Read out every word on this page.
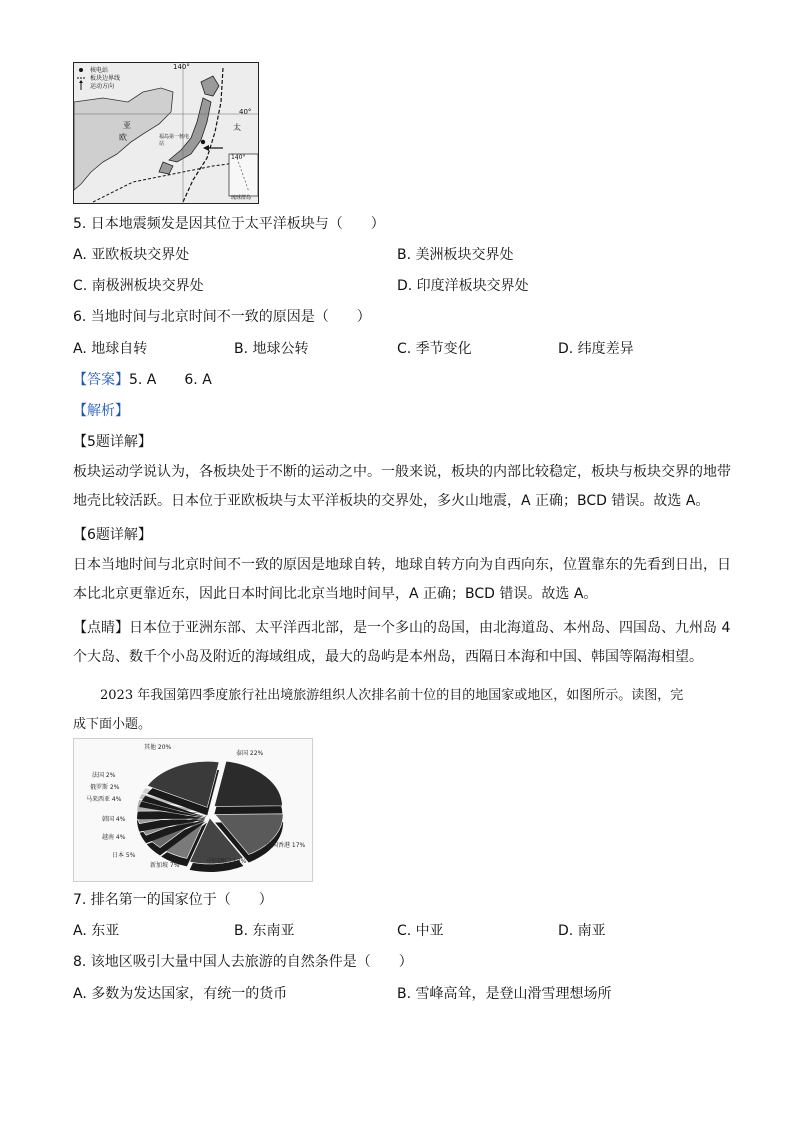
核电站
板块边界线
运动方向
140°
40°
140°
福岛第一核电站
琉球群岛
亚
欧
太
5. 日本地震频发是因其位于太平洋板块与（　　）
A. 亚欧板块交界处	B. 美洲板块交界处
C. 南极洲板块交界处	D. 印度洋板块交界处
6. 当地时间与北京时间不一致的原因是（　　）
A. 地球自转	B. 地球公转	C. 季节变化	D. 纬度差异
【答案】5. A　　6. A
【解析】
【5题详解】
板块运动学说认为，各板块处于不断的运动之中。一般来说，板块的内部比较稳定，板块与板块交界的地带地壳比较活跃。日本位于亚欧板块与太平洋板块的交界处，多火山地震，A 正确；BCD 错误。故选 A。
【6题详解】
日本当地时间与北京时间不一致的原因是地球自转，地球自转方向为自西向东，位置靠东的先看到日出，日本比北京更靠近东，因此日本时间比北京当地时间早，A 正确；BCD 错误。故选 A。
【点睛】日本位于亚洲东部、太平洋西北部，是一个多山的岛国，由北海道岛、本州岛、四国岛、九州岛 4 个大岛、数千个小岛及附近的海域组成，最大的岛屿是本州岛，西隔日本海和中国、韩国等隔海相望。
2023 年我国第四季度旅行社出境旅游组织人次排名前十位的目的地国家或地区，如图所示。读图，完
成下面小题。
泰国 22%
中国香港 17%
中国澳门 13%
新加坡 7%
日本 5%
越南 4%
韩国 4%
马来西亚 4%
俄罗斯 2%
法国 2%
其他 20%
7. 排名第一的国家位于（　　）
A. 东亚	B. 东南亚	C. 中亚	D. 南亚
8. 该地区吸引大量中国人去旅游的自然条件是（　　）
A. 多数为发达国家，有统一的货币	B. 雪峰高耸，是登山滑雪理想场所
